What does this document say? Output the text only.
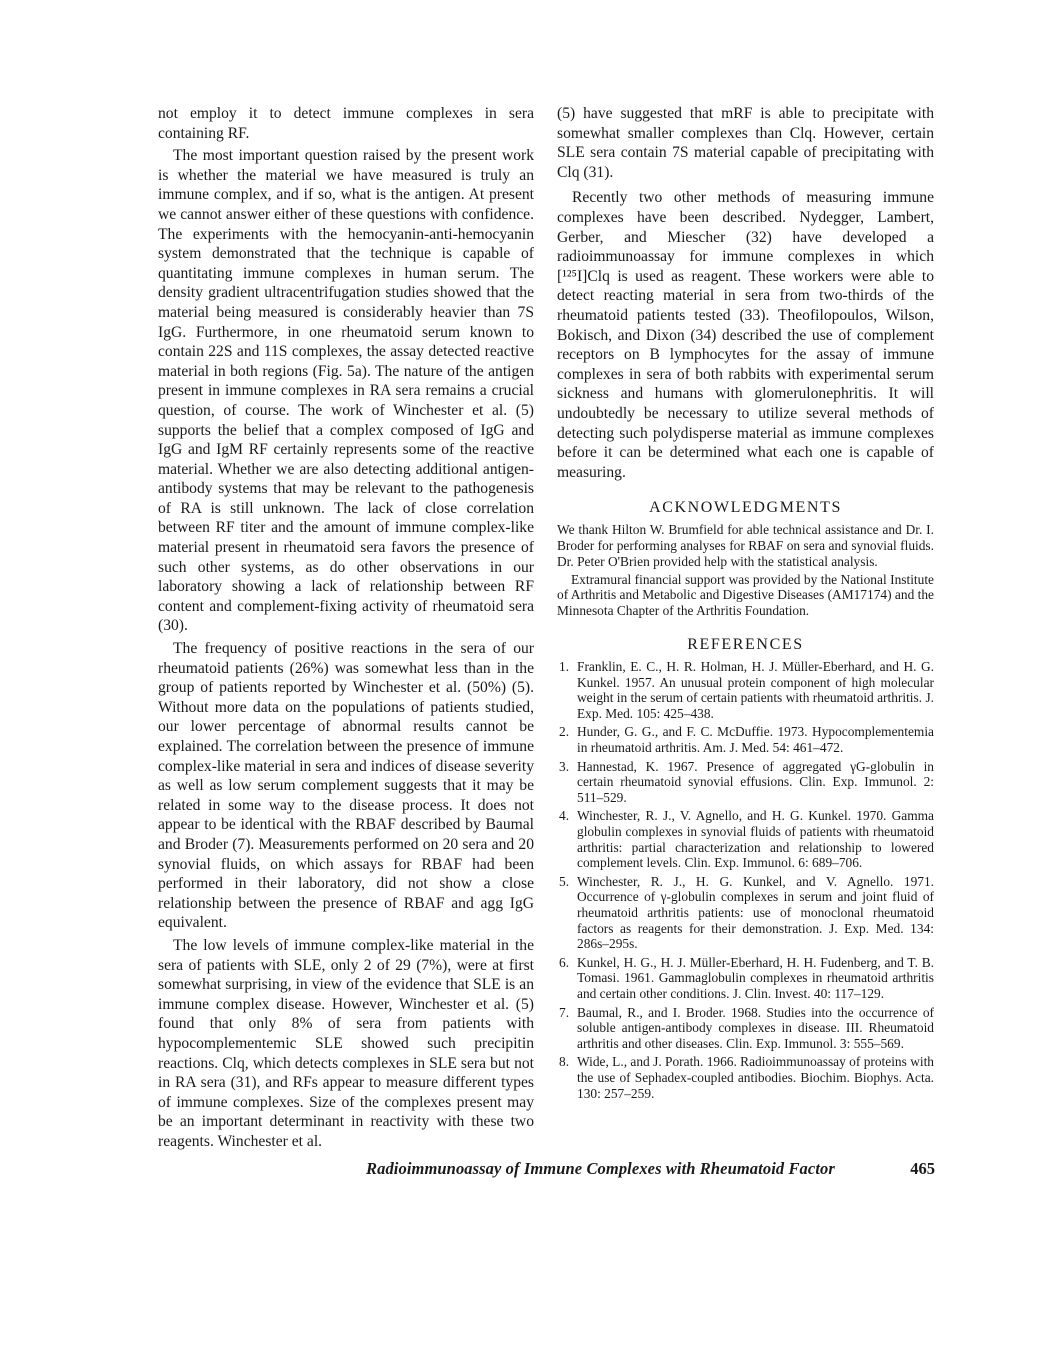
not employ it to detect immune complexes in sera containing RF.

The most important question raised by the present work is whether the material we have measured is truly an immune complex, and if so, what is the antigen. At present we cannot answer either of these questions with confidence. The experiments with the hemocyanin-anti-hemocyanin system demonstrated that the technique is capable of quantitating immune complexes in human serum. The density gradient ultracentrifugation studies showed that the material being measured is considerably heavier than 7S IgG. Furthermore, in one rheumatoid serum known to contain 22S and 11S complexes, the assay detected reactive material in both regions (Fig. 5a). The nature of the antigen present in immune complexes in RA sera remains a crucial question, of course. The work of Winchester et al. (5) supports the belief that a complex composed of IgG and IgG and IgM RF certainly represents some of the reactive material. Whether we are also detecting additional antigen-antibody systems that may be relevant to the pathogenesis of RA is still unknown. The lack of close correlation between RF titer and the amount of immune complex-like material present in rheumatoid sera favors the presence of such other systems, as do other observations in our laboratory showing a lack of relationship between RF content and complement-fixing activity of rheumatoid sera (30).

The frequency of positive reactions in the sera of our rheumatoid patients (26%) was somewhat less than in the group of patients reported by Winchester et al. (50%) (5). Without more data on the populations of patients studied, our lower percentage of abnormal results cannot be explained. The correlation between the presence of immune complex-like material in sera and indices of disease severity as well as low serum complement suggests that it may be related in some way to the disease process. It does not appear to be identical with the RBAF described by Baumal and Broder (7). Measurements performed on 20 sera and 20 synovial fluids, on which assays for RBAF had been performed in their laboratory, did not show a close relationship between the presence of RBAF and agg IgG equivalent.

The low levels of immune complex-like material in the sera of patients with SLE, only 2 of 29 (7%), were at first somewhat surprising, in view of the evidence that SLE is an immune complex disease. However, Winchester et al. (5) found that only 8% of sera from patients with hypocomplementemic SLE showed such precipitin reactions. Clq, which detects complexes in SLE sera but not in RA sera (31), and RFs appear to measure different types of immune complexes. Size of the complexes present may be an important determinant in reactivity with these two reagents. Winchester et al.

(5) have suggested that mRF is able to precipitate with somewhat smaller complexes than Clq. However, certain SLE sera contain 7S material capable of precipitating with Clq (31).

Recently two other methods of measuring immune complexes have been described. Nydegger, Lambert, Gerber, and Miescher (32) have developed a radioimmunoassay for immune complexes in which [¹²⁵I]Clq is used as reagent. These workers were able to detect reacting material in sera from two-thirds of the rheumatoid patients tested (33). Theofilopoulos, Wilson, Bokisch, and Dixon (34) described the use of complement receptors on B lymphocytes for the assay of immune complexes in sera of both rabbits with experimental serum sickness and humans with glomerulonephritis. It will undoubtedly be necessary to utilize several methods of detecting such polydisperse material as immune complexes before it can be determined what each one is capable of measuring.

ACKNOWLEDGMENTS

We thank Hilton W. Brumfield for able technical assistance and Dr. I. Broder for performing analyses for RBAF on sera and synovial fluids. Dr. Peter O'Brien provided help with the statistical analysis.

Extramural financial support was provided by the National Institute of Arthritis and Metabolic and Digestive Diseases (AM17174) and the Minnesota Chapter of the Arthritis Foundation.

REFERENCES
1. Franklin, E. C., H. R. Holman, H. J. Müller-Eberhard, and H. G. Kunkel. 1957. An unusual protein component of high molecular weight in the serum of certain patients with rheumatoid arthritis. J. Exp. Med. 105: 425–438.
2. Hunder, G. G., and F. C. McDuffie. 1973. Hypocomplementemia in rheumatoid arthritis. Am. J. Med. 54: 461–472.
3. Hannestad, K. 1967. Presence of aggregated γG-globulin in certain rheumatoid synovial effusions. Clin. Exp. Immunol. 2: 511–529.
4. Winchester, R. J., V. Agnello, and H. G. Kunkel. 1970. Gamma globulin complexes in synovial fluids of patients with rheumatoid arthritis: partial characterization and relationship to lowered complement levels. Clin. Exp. Immunol. 6: 689–706.
5. Winchester, R. J., H. G. Kunkel, and V. Agnello. 1971. Occurrence of γ-globulin complexes in serum and joint fluid of rheumatoid arthritis patients: use of monoclonal rheumatoid factors as reagents for their demonstration. J. Exp. Med. 134: 286s–295s.
6. Kunkel, H. G., H. J. Müller-Eberhard, H. H. Fudenberg, and T. B. Tomasi. 1961. Gammaglobulin complexes in rheumatoid arthritis and certain other conditions. J. Clin. Invest. 40: 117–129.
7. Baumal, R., and I. Broder. 1968. Studies into the occurrence of soluble antigen-antibody complexes in disease. III. Rheumatoid arthritis and other diseases. Clin. Exp. Immunol. 3: 555–569.
8. Wide, L., and J. Porath. 1966. Radioimmunoassay of proteins with the use of Sephadex-coupled antibodies. Biochim. Biophys. Acta. 130: 257–259.
Radioimmunoassay of Immune Complexes with Rheumatoid Factor	465
